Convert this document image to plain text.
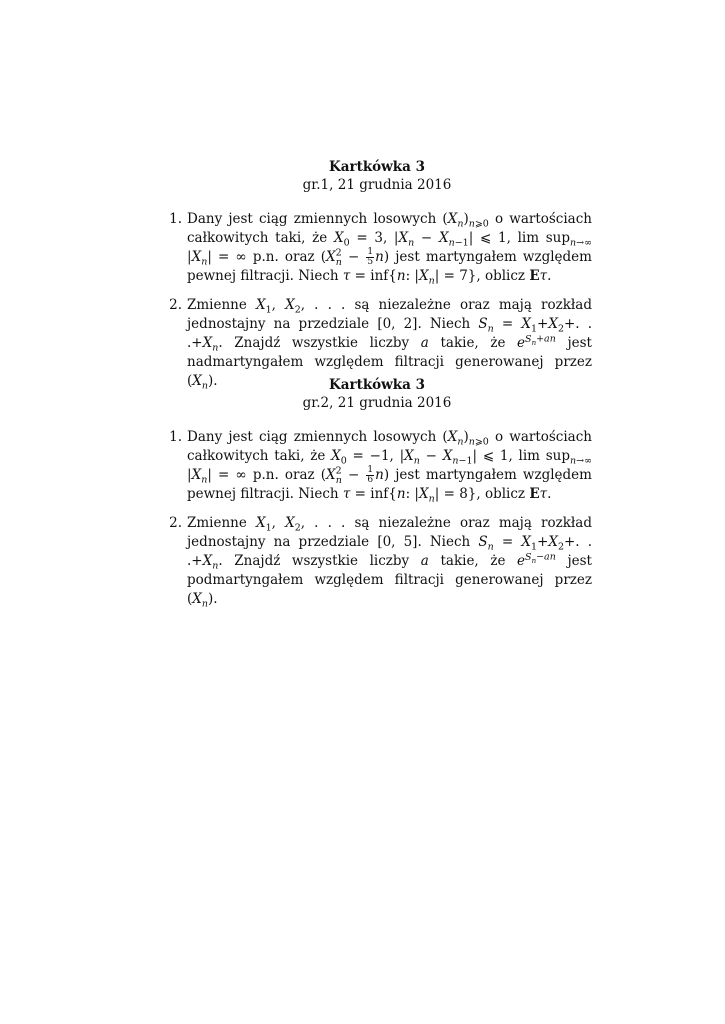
Kartkówka 3

gr.1, 21 grudnia 2016

1. Dany jest ciąg zmiennych losowych $(X_n)_{n⩾0}$ o wartościach całkowitych taki, że $X_0 = 3$, $|X_n - X_{n-1}|$ ⩽ 1, lim sup$_{n\to\infty}$ $|X_n|$ = ∞ p.n. oraz $(X^2_n - \frac{1}{5} n)$ jest martyngałem względem pewnej filtracji. Niech τ = inf{n: $|X_n| = 7$}, oblicz Eτ.
2. Zmienne $X_1$, $X_2$, . . . są niezależne oraz mają rozkład jednostajny na przedziale [0, 2]. Niech $S_n = X_1+X_2+$. . $.+X_n$. Znajdź wszystkie liczby a takie, że $e^{S_n+an}$ jest nadmartyngałem względem filtracji generowanej przez $(X_n)$.	Kartkówka 3

gr.2, 21 grudnia 2016

1. Dany jest ciąg zmiennych losowych $(X_n)_{n⩾0}$ o wartościach całkowitych taki, że $X_0 = -1$, $|X_n - X_{n-1}|$ ⩽ 1, lim sup$_{n\to\infty}$ $|X_n|$ = ∞ p.n. oraz $(X^2_n - \frac{1}{6} n)$ jest martyngałem względem pewnej filtracji. Niech τ = inf{n: $|X_n| = 8$}, oblicz Eτ.
2. Zmienne $X_1$, $X_2$, . . . są niezależne oraz mają rozkład jednostajny na przedziale [0, 5]. Niech $S_n = X_1+X_2+$. . $.+X_n$. Znajdź wszystkie liczby a takie, że $e^{S_n-an}$ jest podmartyngałem względem filtracji generowanej przez $(X_n)$.
